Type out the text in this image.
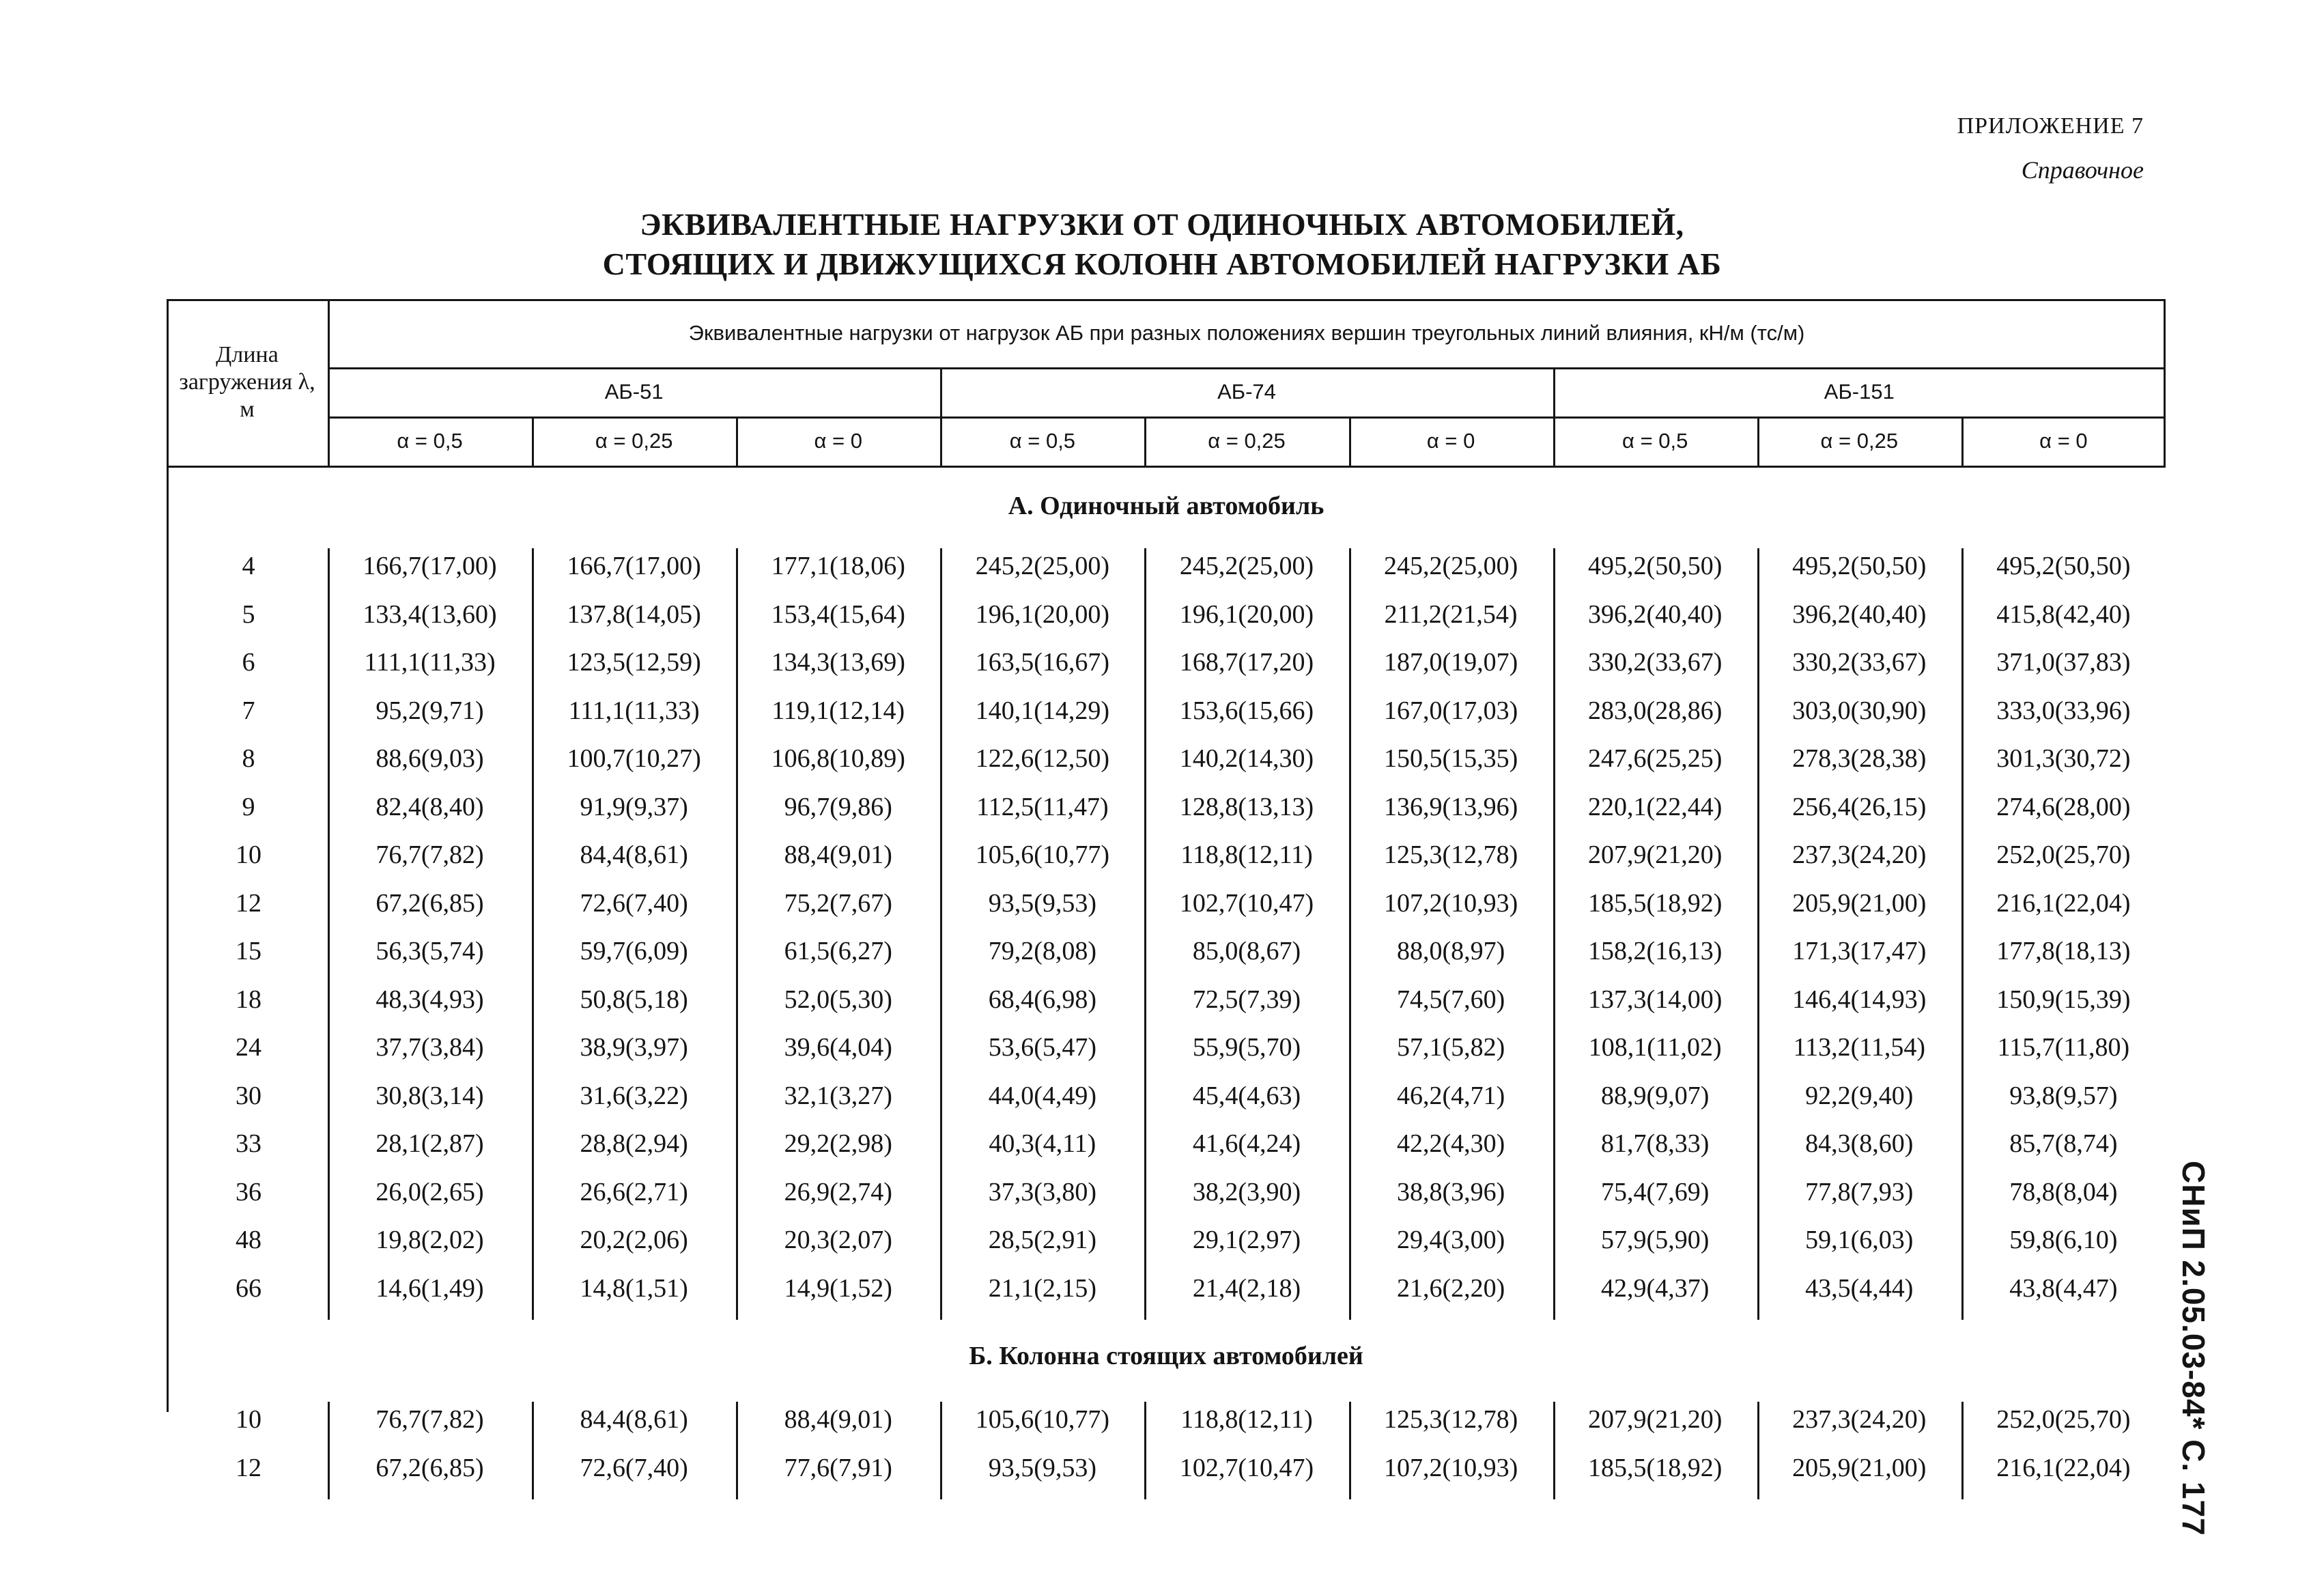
ПРИЛОЖЕНИЕ 7
Справочное
ЭКВИВАЛЕНТНЫЕ НАГРУЗКИ ОТ ОДИНОЧНЫХ АВТОМОБИЛЕЙ,
СТОЯЩИХ И ДВИЖУЩИХСЯ КОЛОНН АВТОМОБИЛЕЙ НАГРУЗКИ АБ
СНиП 2.05.03-84* С. 177
Длина загружения λ, м
Эквивалентные нагрузки от нагрузок АБ при разных положениях вершин треугольных линий влияния, кН/м (тс/м)
АБ-51	АБ-74	АБ-151
α = 0,5	α = 0,25	α = 0	α = 0,5	α = 0,25	α = 0	α = 0,5	α = 0,25	α = 0
А. Одиночный автомобиль
4	166,7(17,00)	166,7(17,00)	177,1(18,06)	245,2(25,00)	245,2(25,00)	245,2(25,00)	495,2(50,50)	495,2(50,50)	495,2(50,50)
5	133,4(13,60)	137,8(14,05)	153,4(15,64)	196,1(20,00)	196,1(20,00)	211,2(21,54)	396,2(40,40)	396,2(40,40)	415,8(42,40)
6	111,1(11,33)	123,5(12,59)	134,3(13,69)	163,5(16,67)	168,7(17,20)	187,0(19,07)	330,2(33,67)	330,2(33,67)	371,0(37,83)
7	95,2(9,71)	111,1(11,33)	119,1(12,14)	140,1(14,29)	153,6(15,66)	167,0(17,03)	283,0(28,86)	303,0(30,90)	333,0(33,96)
8	88,6(9,03)	100,7(10,27)	106,8(10,89)	122,6(12,50)	140,2(14,30)	150,5(15,35)	247,6(25,25)	278,3(28,38)	301,3(30,72)
9	82,4(8,40)	91,9(9,37)	96,7(9,86)	112,5(11,47)	128,8(13,13)	136,9(13,96)	220,1(22,44)	256,4(26,15)	274,6(28,00)
10	76,7(7,82)	84,4(8,61)	88,4(9,01)	105,6(10,77)	118,8(12,11)	125,3(12,78)	207,9(21,20)	237,3(24,20)	252,0(25,70)
12	67,2(6,85)	72,6(7,40)	75,2(7,67)	93,5(9,53)	102,7(10,47)	107,2(10,93)	185,5(18,92)	205,9(21,00)	216,1(22,04)
15	56,3(5,74)	59,7(6,09)	61,5(6,27)	79,2(8,08)	85,0(8,67)	88,0(8,97)	158,2(16,13)	171,3(17,47)	177,8(18,13)
18	48,3(4,93)	50,8(5,18)	52,0(5,30)	68,4(6,98)	72,5(7,39)	74,5(7,60)	137,3(14,00)	146,4(14,93)	150,9(15,39)
24	37,7(3,84)	38,9(3,97)	39,6(4,04)	53,6(5,47)	55,9(5,70)	57,1(5,82)	108,1(11,02)	113,2(11,54)	115,7(11,80)
30	30,8(3,14)	31,6(3,22)	32,1(3,27)	44,0(4,49)	45,4(4,63)	46,2(4,71)	88,9(9,07)	92,2(9,40)	93,8(9,57)
33	28,1(2,87)	28,8(2,94)	29,2(2,98)	40,3(4,11)	41,6(4,24)	42,2(4,30)	81,7(8,33)	84,3(8,60)	85,7(8,74)
36	26,0(2,65)	26,6(2,71)	26,9(2,74)	37,3(3,80)	38,2(3,90)	38,8(3,96)	75,4(7,69)	77,8(7,93)	78,8(8,04)
48	19,8(2,02)	20,2(2,06)	20,3(2,07)	28,5(2,91)	29,1(2,97)	29,4(3,00)	57,9(5,90)	59,1(6,03)	59,8(6,10)
66	14,6(1,49)	14,8(1,51)	14,9(1,52)	21,1(2,15)	21,4(2,18)	21,6(2,20)	42,9(4,37)	43,5(4,44)	43,8(4,47)
Б. Колонна стоящих автомобилей
10	76,7(7,82)	84,4(8,61)	88,4(9,01)	105,6(10,77)	118,8(12,11)	125,3(12,78)	207,9(21,20)	237,3(24,20)	252,0(25,70)
12	67,2(6,85)	72,6(7,40)	77,6(7,91)	93,5(9,53)	102,7(10,47)	107,2(10,93)	185,5(18,92)	205,9(21,00)	216,1(22,04)
